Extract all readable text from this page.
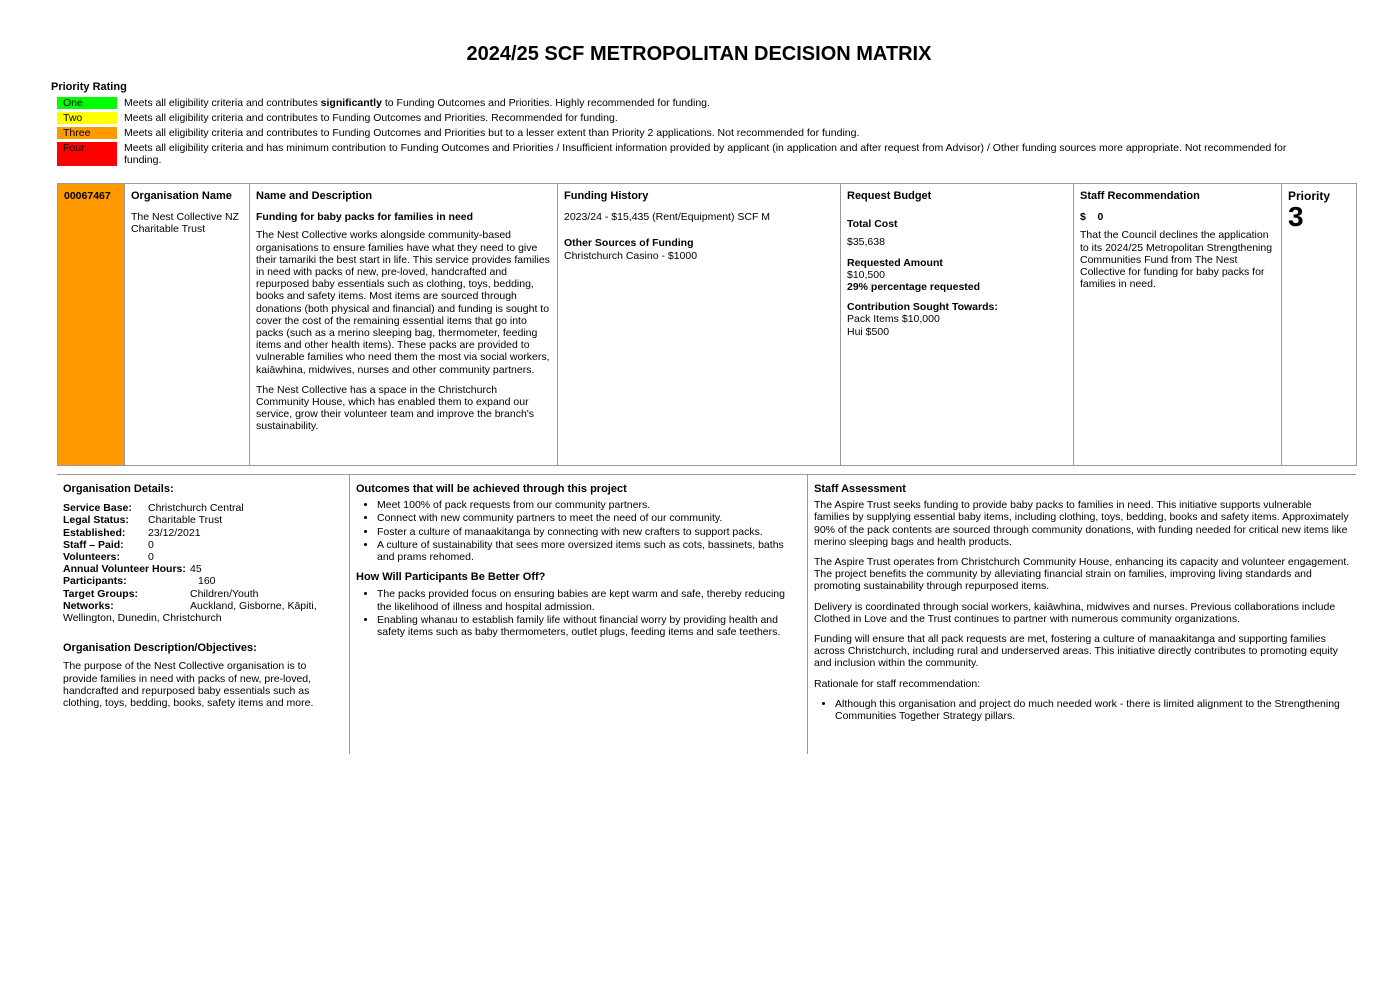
2024/25 SCF METROPOLITAN DECISION MATRIX
Priority Rating
One	Meets all eligibility criteria and contributes significantly to Funding Outcomes and Priorities. Highly recommended for funding.
Two	Meets all eligibility criteria and contributes to Funding Outcomes and Priorities. Recommended for funding.
Three	Meets all eligibility criteria and contributes to Funding Outcomes and Priorities but to a lesser extent than Priority 2 applications. Not recommended for funding.
Four	Meets all eligibility criteria and has minimum contribution to Funding Outcomes and Priorities / Insufficient information provided by applicant (in application and after request from Advisor) / Other funding sources more appropriate. Not recommended for funding.
00067467	Organisation Name
The Nest Collective NZ Charitable Trust

Name and Description
Funding for baby packs for families in need

The Nest Collective works alongside community-based organisations to ensure families have what they need to give their tamariki the best start in life. This service provides families in need with packs of new, pre-loved, handcrafted and repurposed baby essentials such as clothing, toys, bedding, books and safety items. Most items are sourced through donations (both physical and financial) and funding is sought to cover the cost of the remaining essential items that go into packs (such as a merino sleeping bag, thermometer, feeding items and other health items). These packs are provided to vulnerable families who need them the most via social workers, kaiāwhina, midwives, nurses and other community partners.

The Nest Collective has a space in the Christchurch Community House, which has enabled them to expand our service, grow their volunteer team and improve the branch's sustainability.

Funding History
2023/24 - $15,435 (Rent/Equipment) SCF M
Other Sources of Funding
Christchurch Casino - $1000

Request Budget
Total Cost
$35,638
Requested Amount
$10,500
29% percentage requested
Contribution Sought Towards:
Pack Items $10,000
Hui $500

Staff Recommendation
$    0
That the Council declines the application to its 2024/25 Metropolitan Strengthening Communities Fund from The Nest Collective for funding for baby packs for families in need.

Priority
3
Organisation Details:
Service Base:	Christchurch Central
Legal Status:	Charitable Trust
Established:	23/12/2021
Staff – Paid:	0
Volunteers:	0
Annual Volunteer Hours: 45
Participants:	160
Target Groups:	Children/Youth
Networks:	Auckland, Gisborne, Kāpiti,
Wellington, Dunedin, Christchurch
Organisation Description/Objectives:
The purpose of the Nest Collective organisation is to provide families in need with packs of new, pre-loved, handcrafted and repurposed baby essentials such as clothing, toys, bedding, books, safety items and more.
Outcomes that will be achieved through this project
• Meet 100% of pack requests from our community partners.
• Connect with new community partners to meet the need of our community.
• Foster a culture of manaakitanga by connecting with new crafters to support packs.
• A culture of sustainability that sees more oversized items such as cots, bassinets, baths and prams rehomed.
How Will Participants Be Better Off?
• The packs provided focus on ensuring babies are kept warm and safe, thereby reducing the likelihood of illness and hospital admission.
• Enabling whanau to establish family life without financial worry by providing health and safety items such as baby thermometers, outlet plugs, feeding items and safe teethers.
Staff Assessment

The Aspire Trust seeks funding to provide baby packs to families in need. This initiative supports vulnerable families by supplying essential baby items, including clothing, toys, bedding, books and safety items. Approximately 90% of the pack contents are sourced through community donations, with funding needed for critical new items like merino sleeping bags and health products.

The Aspire Trust operates from Christchurch Community House, enhancing its capacity and volunteer engagement. The project benefits the community by alleviating financial strain on families, improving living standards and promoting sustainability through repurposed items.

Delivery is coordinated through social workers, kaiāwhina, midwives and nurses. Previous collaborations include Clothed in Love and the Trust continues to partner with numerous community organizations.

Funding will ensure that all pack requests are met, fostering a culture of manaakitanga and supporting families across Christchurch, including rural and underserved areas. This initiative directly contributes to promoting equity and inclusion within the community.

Rationale for staff recommendation:

• Although this organisation and project do much needed work - there is limited alignment to the Strengthening Communities Together Strategy pillars.
